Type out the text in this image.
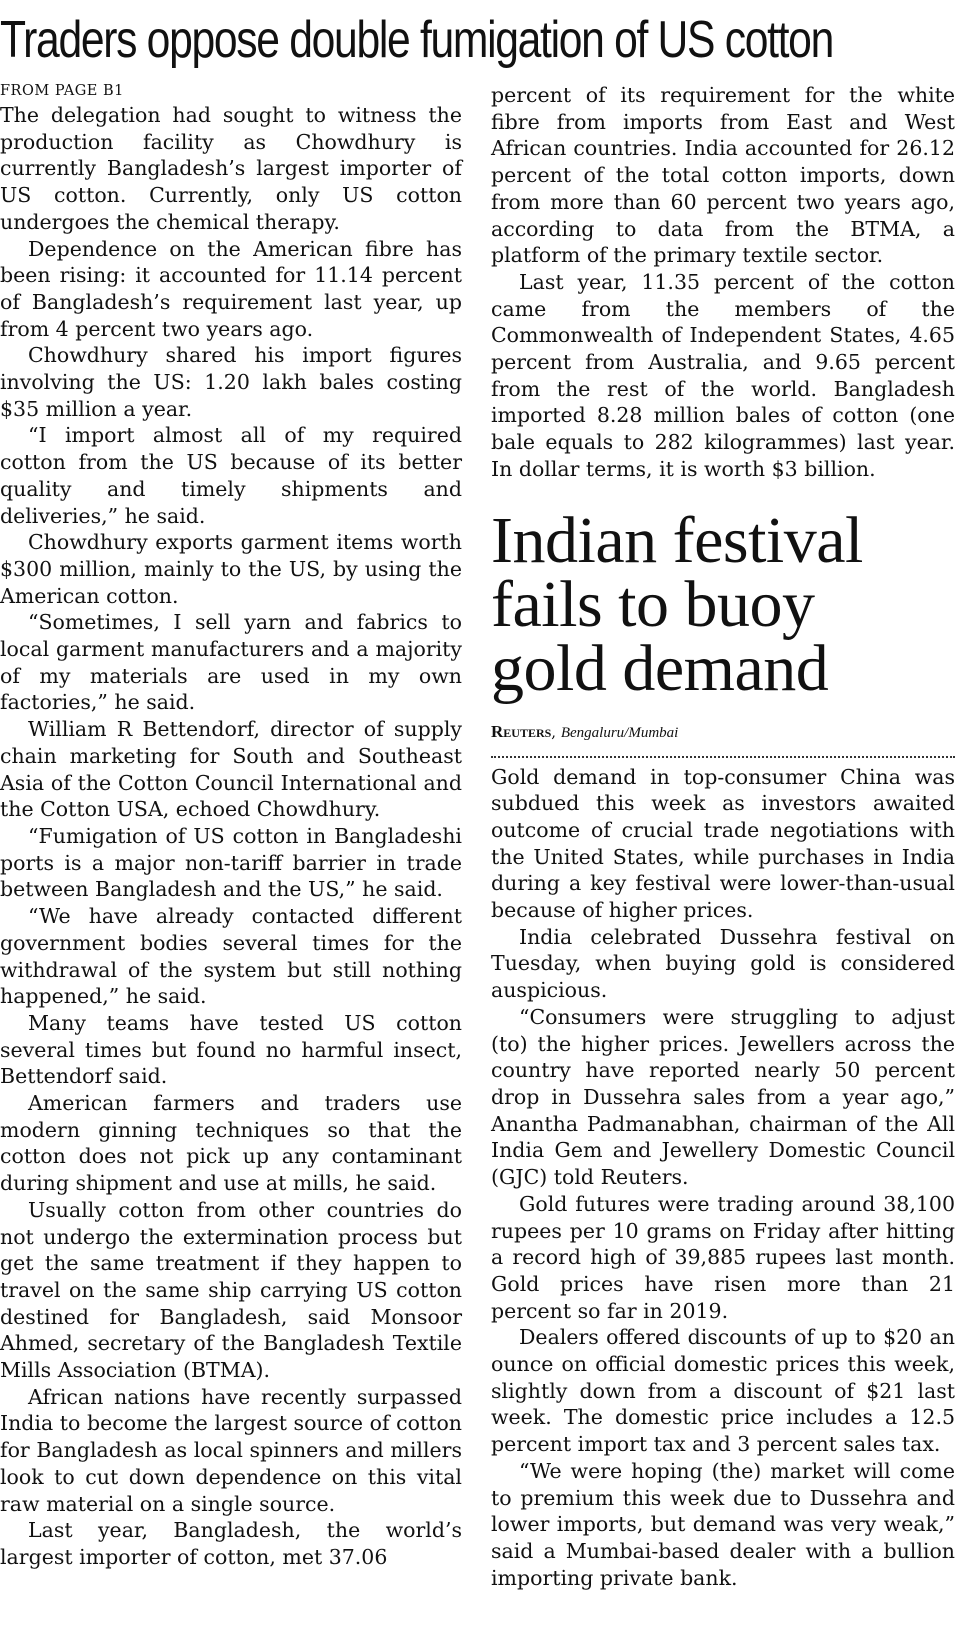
Traders oppose double fumigation of US cotton
FROM PAGE B1

The delegation had sought to witness the production facility as Chowdhury is currently Bangladesh’s largest importer of US cotton. Currently, only US cotton undergoes the chemical therapy.

Dependence on the American fibre has been rising: it accounted for 11.14 percent of Bangladesh’s requirement last year, up from 4 percent two years ago.

Chowdhury shared his import figures involving the US: 1.20 lakh bales costing $35 million a year.

“I import almost all of my required cotton from the US because of its better quality and timely shipments and deliveries,” he said.

Chowdhury exports garment items worth $300 million, mainly to the US, by using the American cotton.

“Sometimes, I sell yarn and fabrics to local garment manufacturers and a majority of my materials are used in my own factories,” he said.

William R Bettendorf, director of supply chain marketing for South and Southeast Asia of the Cotton Council International and the Cotton USA, echoed Chowdhury.

“Fumigation of US cotton in Bangladeshi ports is a major non-tariff barrier in trade between Bangladesh and the US,” he said.

“We have already contacted different government bodies several times for the withdrawal of the system but still nothing happened,” he said.

Many teams have tested US cotton several times but found no harmful insect, Bettendorf said.

American farmers and traders use modern ginning techniques so that the cotton does not pick up any contaminant during shipment and use at mills, he said.

Usually cotton from other countries do not undergo the extermination process but get the same treatment if they happen to travel on the same ship carrying US cotton destined for Bangladesh, said Monsoor Ahmed, secretary of the Bangladesh Textile Mills Association (BTMA).

African nations have recently surpassed India to become the largest source of cotton for Bangladesh as local spinners and millers look to cut down dependence on this vital raw material on a single source.

Last year, Bangladesh, the world’s largest importer of cotton, met 37.06

percent of its requirement for the white fibre from imports from East and West African countries. India accounted for 26.12 percent of the total cotton imports, down from more than 60 percent two years ago, according to data from the BTMA, a platform of the primary textile sector.

Last year, 11.35 percent of the cotton came from the members of the Commonwealth of Independent States, 4.65 percent from Australia, and 9.65 percent from the rest of the world. Bangladesh imported 8.28 million bales of cotton (one bale equals to 282 kilogrammes) last year. In dollar terms, it is worth $3 billion.

Indian festival
fails to buoy
gold demand
Reuters, Bengaluru/Mumbai

Gold demand in top-consumer China was subdued this week as investors awaited outcome of crucial trade negotiations with the United States, while purchases in India during a key festival were lower-than-usual because of higher prices.

India celebrated Dussehra festival on Tuesday, when buying gold is considered auspicious.

“Consumers were struggling to adjust (to) the higher prices. Jewellers across the country have reported nearly 50 percent drop in Dussehra sales from a year ago,” Anantha Padmanabhan, chairman of the All India Gem and Jewellery Domestic Council (GJC) told Reuters.

Gold futures were trading around 38,100 rupees per 10 grams on Friday after hitting a record high of 39,885 rupees last month. Gold prices have risen more than 21 percent so far in 2019.

Dealers offered discounts of up to $20 an ounce on official domestic prices this week, slightly down from a discount of $21 last week. The domestic price includes a 12.5 percent import tax and 3 percent sales tax.

“We were hoping (the) market will come to premium this week due to Dussehra and lower imports, but demand was very weak,” said a Mumbai-based dealer with a bullion importing private bank.
